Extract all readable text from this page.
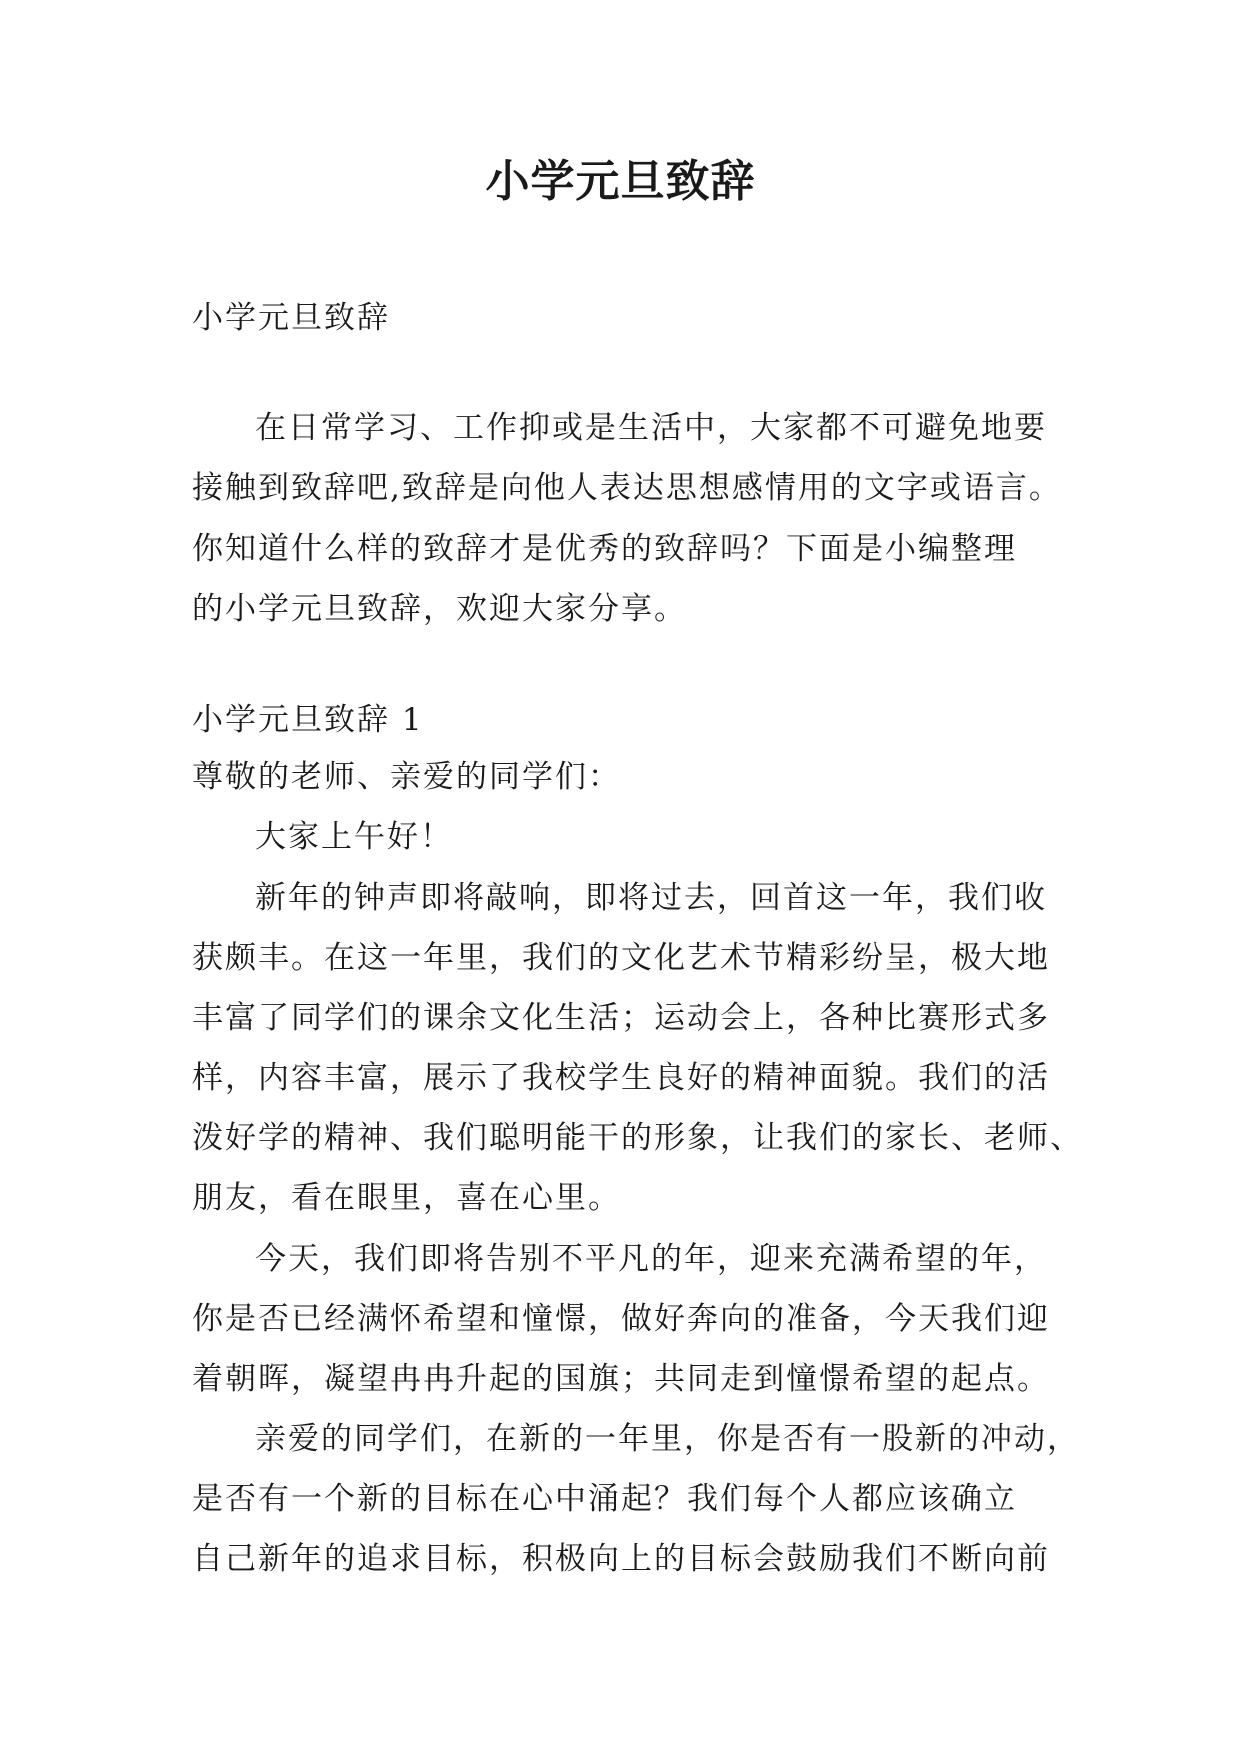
小学元旦致辞
小学元旦致辞
在日常学习、工作抑或是生活中，大家都不可避免地要
接触到致辞吧,致辞是向他人表达思想感情用的文字或语言。
你知道什么样的致辞才是优秀的致辞吗？下面是小编整理
的小学元旦致辞，欢迎大家分享。
小学元旦致辞 1
尊敬的老师、亲爱的同学们：
大家上午好！
新年的钟声即将敲响，即将过去，回首这一年，我们收
获颇丰。在这一年里，我们的文化艺术节精彩纷呈，极大地
丰富了同学们的课余文化生活；运动会上，各种比赛形式多
样，内容丰富，展示了我校学生良好的精神面貌。我们的活
泼好学的精神、我们聪明能干的形象，让我们的家长、老师、
朋友，看在眼里，喜在心里。
今天，我们即将告别不平凡的年，迎来充满希望的年，
你是否已经满怀希望和憧憬，做好奔向的准备，今天我们迎
着朝晖，凝望冉冉升起的国旗；共同走到憧憬希望的起点。
亲爱的同学们，在新的一年里，你是否有一股新的冲动，
是否有一个新的目标在心中涌起？我们每个人都应该确立
自己新年的追求目标，积极向上的目标会鼓励我们不断向前
